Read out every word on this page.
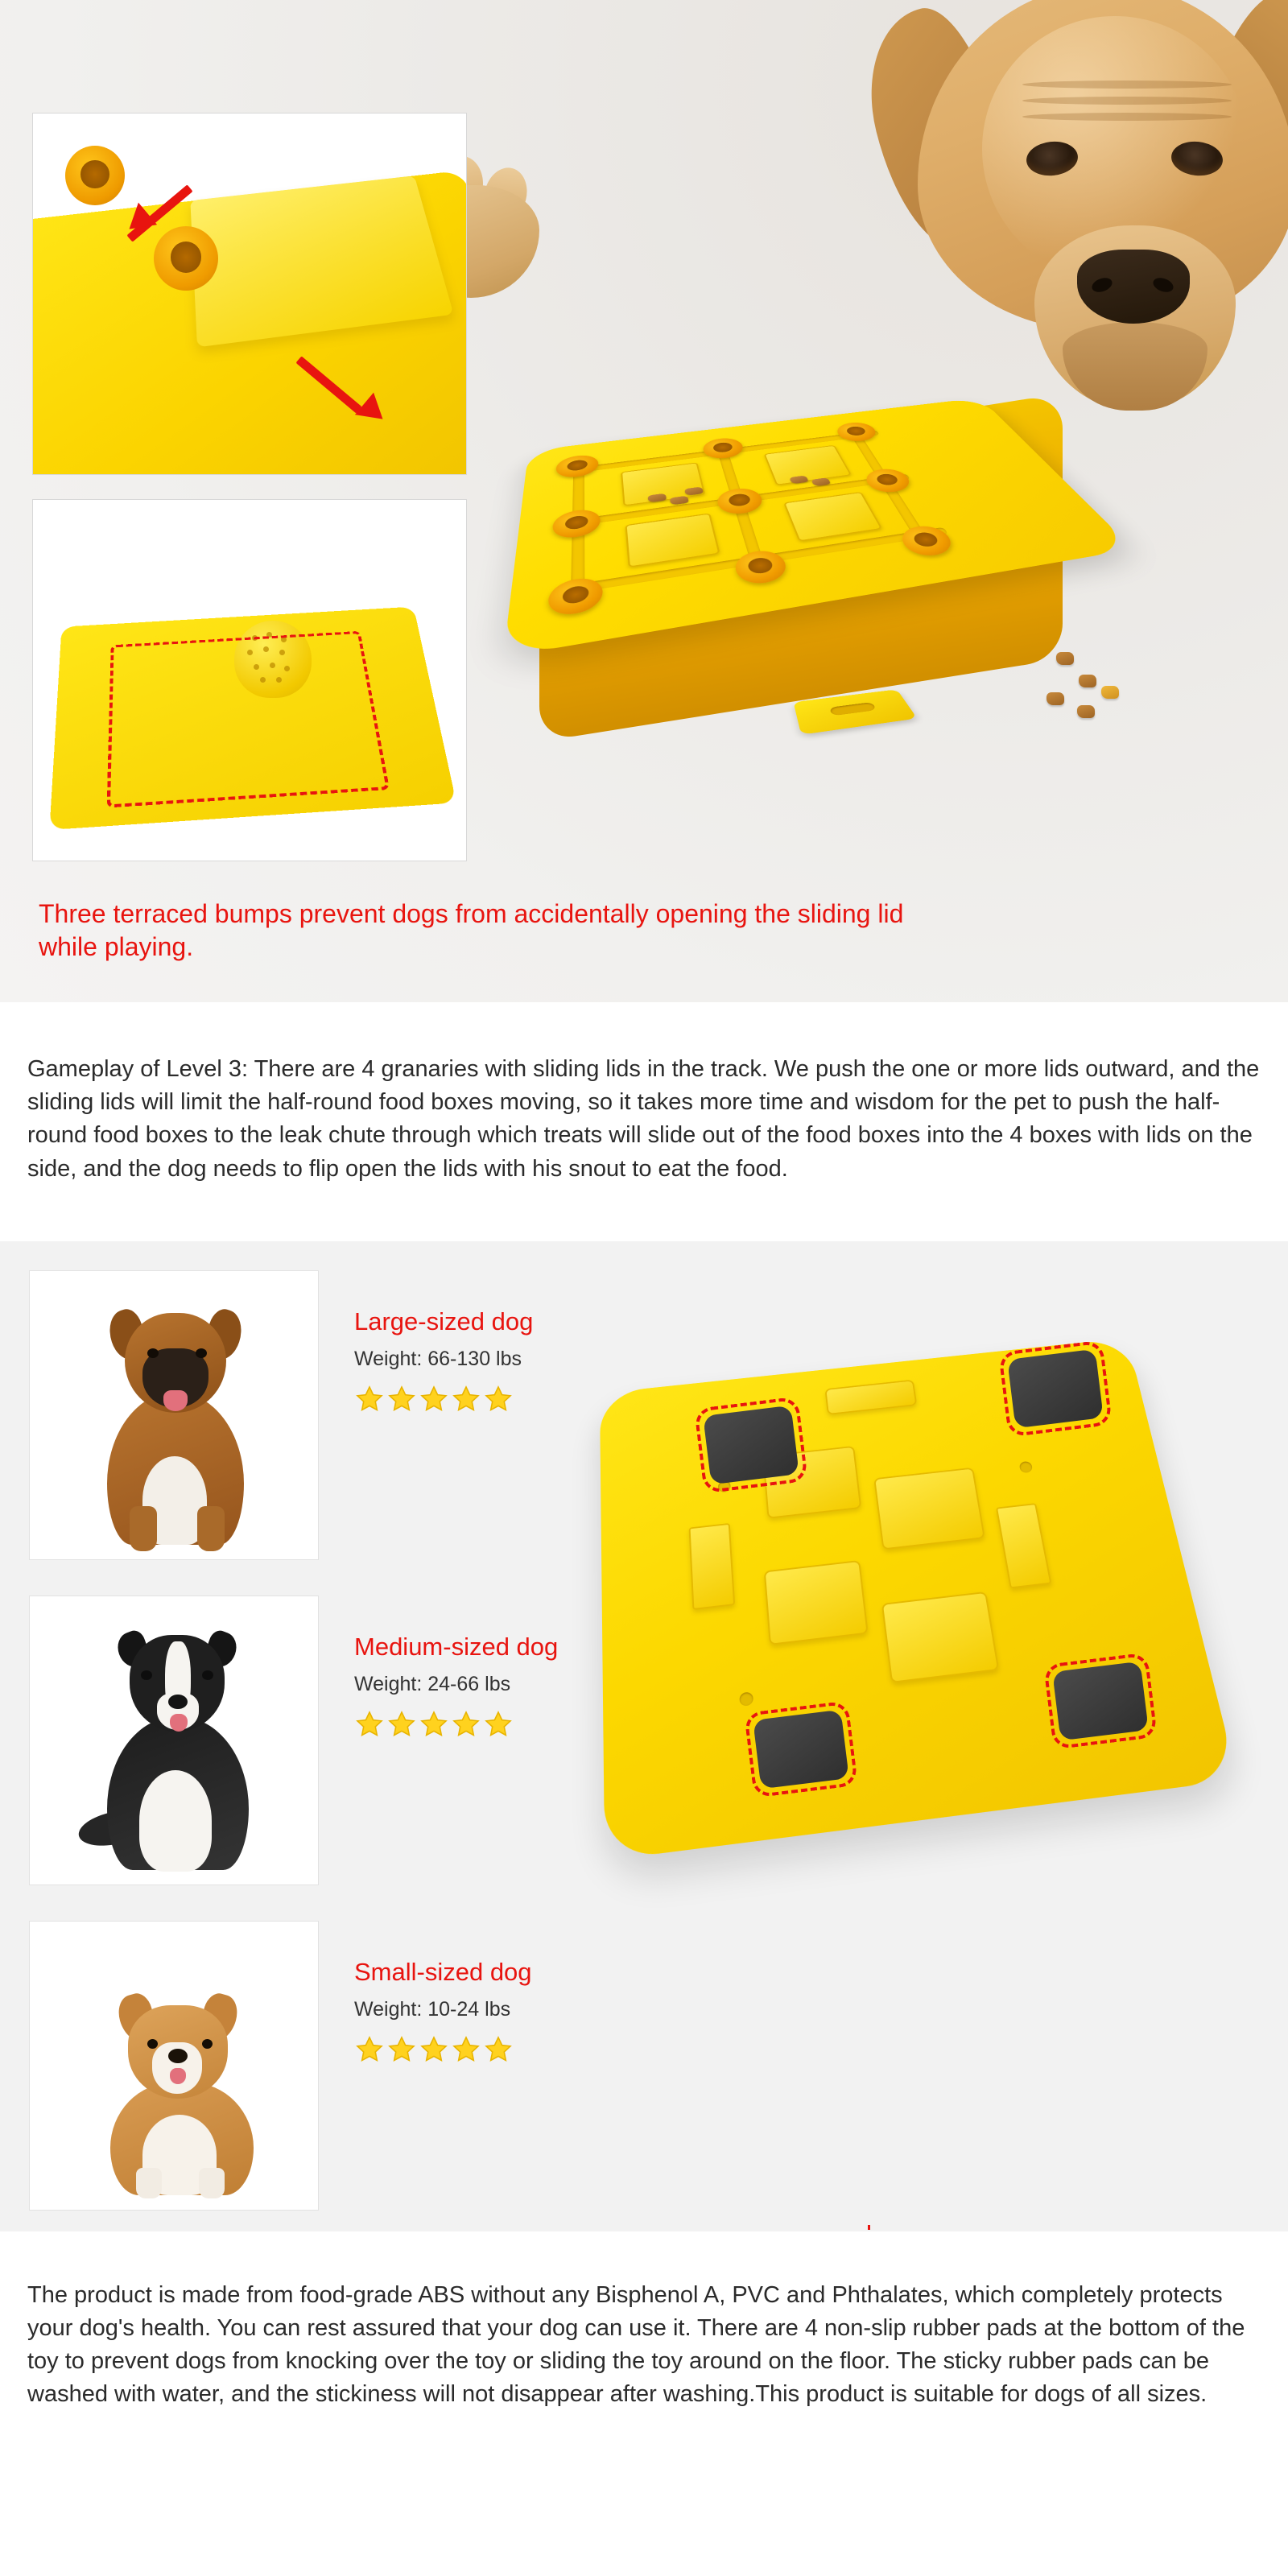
Three terraced bumps prevent dogs from accidentally opening the sliding lid while playing.

Gameplay of Level 3: There are 4 granaries with sliding lids in the track. We push the one or more lids outward, and the sliding lids will limit the half-round food boxes moving, so it takes more time and wisdom for the pet to push the half-round food boxes to the leak chute through which treats will slide out of the food boxes into the 4 boxes with lids on the side, and the dog needs to flip open the lids with his snout to eat the food.

Large-sized dog

Weight: 66-130 lbs

Medium-sized dog

Weight: 24-66 lbs

Small-sized dog

Weight: 10-24 lbs

The product is made from food-grade ABS without any Bisphenol A, PVC and Phthalates, which completely protects your dog's health. You can rest assured that your dog can use it. There are 4 non-slip rubber pads at the bottom of the toy to prevent dogs from knocking over the toy or sliding the toy around on the floor. The sticky rubber pads can be washed with water, and the stickiness will not disappear after washing.This product is suitable for dogs of all sizes.
